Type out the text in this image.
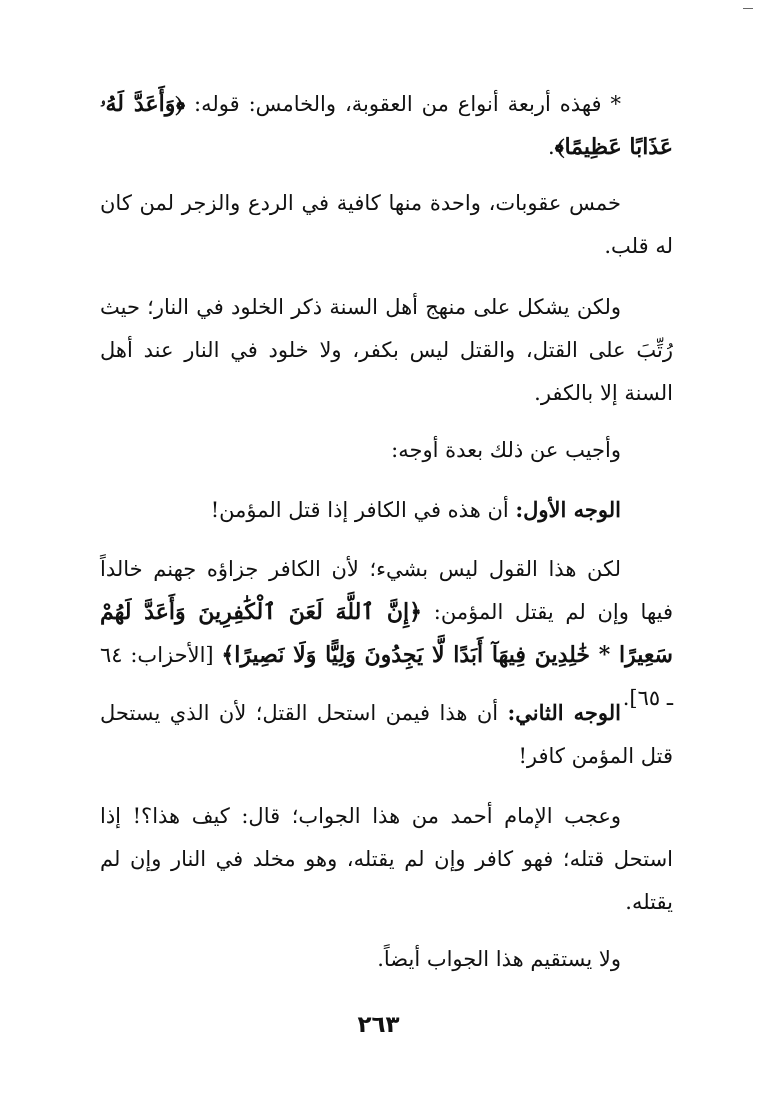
* فهذه أربعة أنواع من العقوبة، والخامس: قوله: ﴿وَأَعَدَّ لَهُۥ عَذَابًا عَظِيمًا﴾.
خمس عقوبات، واحدة منها كافية في الردع والزجر لمن كان له قلب.
ولكن يشكل على منهج أهل السنة ذكر الخلود في النار؛ حيث رُتِّبَ على القتل، والقتل ليس بكفر، ولا خلود في النار عند أهل السنة إلا بالكفر.
وأجيب عن ذلك بعدة أوجه:
الوجه الأول: أن هذه في الكافر إذا قتل المؤمن!
لكن هذا القول ليس بشيء؛ لأن الكافر جزاؤه جهنم خالداً فيها وإن لم يقتل المؤمن: ﴿إِنَّ ٱللَّهَ لَعَنَ ٱلْكَٰفِرِينَ وَأَعَدَّ لَهُمْ سَعِيرًا * خَٰلِدِينَ فِيهَآ أَبَدًا لَّا يَجِدُونَ وَلِيًّا وَلَا نَصِيرًا﴾ [الأحزاب: ٦٤ ـ ٦٥].
الوجه الثاني: أن هذا فيمن استحل القتل؛ لأن الذي يستحل قتل المؤمن كافر!
وعجب الإمام أحمد من هذا الجواب؛ قال: كيف هذا؟! إذا استحل قتله؛ فهو كافر وإن لم يقتله، وهو مخلد في النار وإن لم يقتله.
ولا يستقيم هذا الجواب أيضاً.
٢٦٣
